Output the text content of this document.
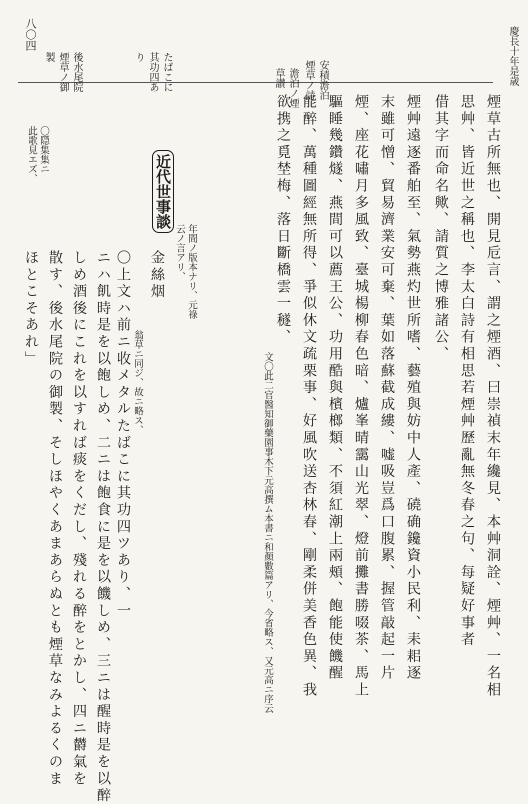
慶長十年是歳
八〇四
安積澹泊
煙草ノ詩
澹泊ノ煙
草讃
たばこに
其功四あ
り
後水尾院
煙草ノ御
製
煙草古所無也、開見卮言、謂之煙酒、曰崇禎末年纔見、本艸洞詮、煙艸、一名相
思艸、皆近世之稱也、李太白詩有相思若煙艸歷亂無冬春之句、每疑好事者
借其字而命名歟、請質之博雅諸公、
煙艸遠逐番舶至、氣勢燕灼世所嗜、藝殖與妨中人產、磽确鑱資小民利、耒耜逐
末雖可憎、貿易濟業安可棄、葉如落蘇截成縷、嘘吸豈爲口腹累、握管敲起一片
煙、座花嘯月多風致、臺城楊柳春色暗、爐峯晴靄山光翠、燈前攤書勝啜茶、馬上
驅睡幾鑽燧、燕間可以薦王公、功用酷與檳榔類、不須紅潮上兩頰、飽能使饑醒
能醉、萬種圖經無所得、爭似休文疏栗事、好風吹送杏林春、剛柔併美香色異、我
欲携之覓埜梅、落日斷橋雲一穟、
文〇此二官醫知御藥園事木下元高撰ム本書ニ和顏數篇アリ、今省略ス、又元高ニ序云
年間ノ版本ナリ、元祿
云ノ言アリ、
近代世事談
金絲烟
翁草ニ同ジ、故ニ略ス、
〇上文ハ前ニ收メタルたばこに其功四ツあり、一
ニハ飢時是を以飽しめ、二ニは飽食に是を以饑しめ、三ニは醒時是を以醉
しめ酒後にこれを以すれば痰をくだし、殘れる醉をとかし、四ニ欝氣を
散す、後水尾院の御製、そしほやくあまあらぬとも煙草なみよるくのま
ほとこそあれ」
〇隠集集ニ
此歌見エズ、
